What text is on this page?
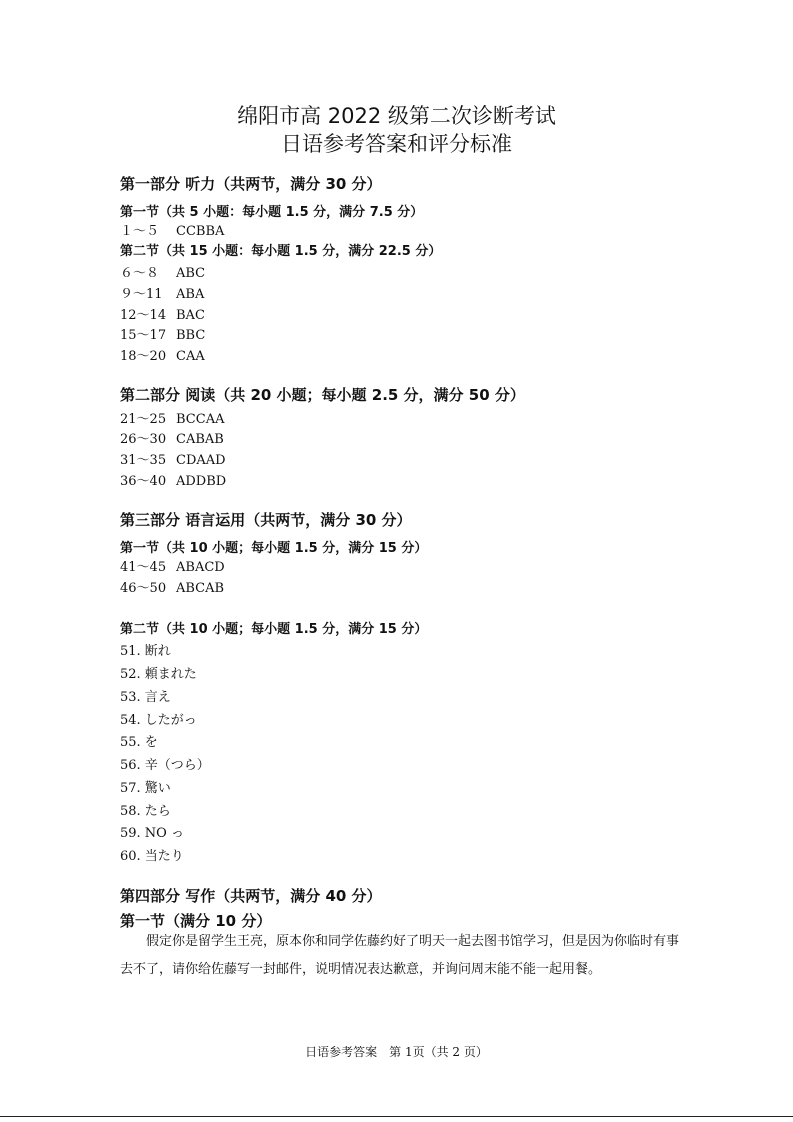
绵阳市高 2022 级第二次诊断考试
日语参考答案和评分标准
第一部分 听力（共两节，满分 30 分）
第一节（共 5 小题：每小题 1.5 分，满分 7.5 分）
１～５ CCBBA
第二节（共 15 小题：每小题 1.5 分，满分 22.5 分）
６～８ ABC
９～11 ABA
12～14 BAC
15～17 BBC
18～20 CAA
第二部分 阅读（共 20 小题；每小题 2.5 分，满分 50 分）
21～25 BCCAA
26～30 CABAB
31～35 CDAAD
36～40 ADDBD
第三部分 语言运用（共两节，满分 30 分）
第一节（共 10 小题；每小题 1.5 分，满分 15 分）
41～45 ABACD
46～50 ABCAB
第二节（共 10 小题；每小题 1.5 分，满分 15 分）
51. 断れ
52. 頼まれた
53. 言え
54. したがっ
55. を
56. 辛（つら）
57. 驚い
58. たら
59. NO っ
60. 当たり
第四部分 写作（共两节，满分 40 分）
第一节（满分 10 分）

假定你是留学生王亮，原本你和同学佐藤约好了明天一起去图书馆学习，但是因为你临时有事去不了，请你给佐藤写一封邮件，说明情况表达歉意，并询问周末能不能一起用餐。

日语参考答案　第 1页（共 2 页）
